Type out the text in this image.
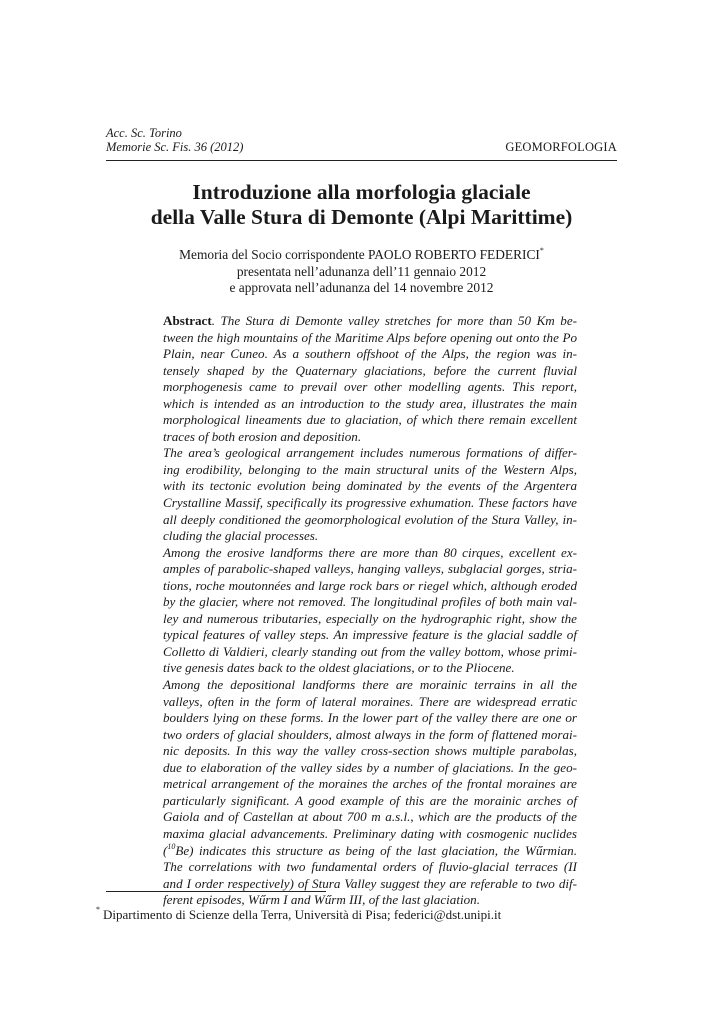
Acc. Sc. Torino
Memorie Sc. Fis. 36 (2012)	GEOMORFOLOGIA
Introduzione alla morfologia glaciale
della Valle Stura di Demonte (Alpi Marittime)
Memoria del Socio corrispondente PAOLO ROBERTO FEDERICI*
presentata nell’adunanza dell’11 gennaio 2012
e approvata nell’adunanza del 14 novembre 2012

Abstract. The Stura di Demonte valley stretches for more than 50 Km be-
tween the high mountains of the Maritime Alps before opening out onto the Po
Plain, near Cuneo. As a southern offshoot of the Alps, the region was in-
tensely shaped by the Quaternary glaciations, before the current fluvial
morphogenesis came to prevail over other modelling agents. This report,
which is intended as an introduction to the study area, illustrates the main
morphological lineaments due to glaciation, of which there remain excellent
traces of both erosion and deposition.

The area’s geological arrangement includes numerous formations of differ-
ing erodibility, belonging to the main structural units of the Western Alps,
with its tectonic evolution being dominated by the events of the Argentera
Crystalline Massif, specifically its progressive exhumation. These factors have
all deeply conditioned the geomorphological evolution of the Stura Valley, in-
cluding the glacial processes.

Among the erosive landforms there are more than 80 cirques, excellent ex-
amples of parabolic-shaped valleys, hanging valleys, subglacial gorges, stria-
tions, roche moutonnées and large rock bars or riegel which, although eroded
by the glacier, where not removed. The longitudinal profiles of both main val-
ley and numerous tributaries, especially on the hydrographic right, show the
typical features of valley steps. An impressive feature is the glacial saddle of
Colletto di Valdieri, clearly standing out from the valley bottom, whose primi-
tive genesis dates back to the oldest glaciations, or to the Pliocene.

Among the depositional landforms there are morainic terrains in all the
valleys, often in the form of lateral moraines. There are widespread erratic
boulders lying on these forms. In the lower part of the valley there are one or
two orders of glacial shoulders, almost always in the form of flattened morai-
nic deposits. In this way the valley cross-section shows multiple parabolas,
due to elaboration of the valley sides by a number of glaciations. In the geo-
metrical arrangement of the moraines the arches of the frontal moraines are
particularly significant. A good example of this are the morainic arches of
Gaiola and of Castellan at about 700 m a.s.l., which are the products of the
maxima glacial advancements. Preliminary dating with cosmogenic nuclides
($^{10}$Be) indicates this structure as being of the last glaciation, the Wűrmian.
The correlations with two fundamental orders of fluvio-glacial terraces (II
and I order respectively) of Stura Valley suggest they are referable to two dif-
ferent episodes, Wűrm I and Wűrm III, of the last glaciation.

* Dipartimento di Scienze della Terra, Università di Pisa; federici@dst.unipi.it
